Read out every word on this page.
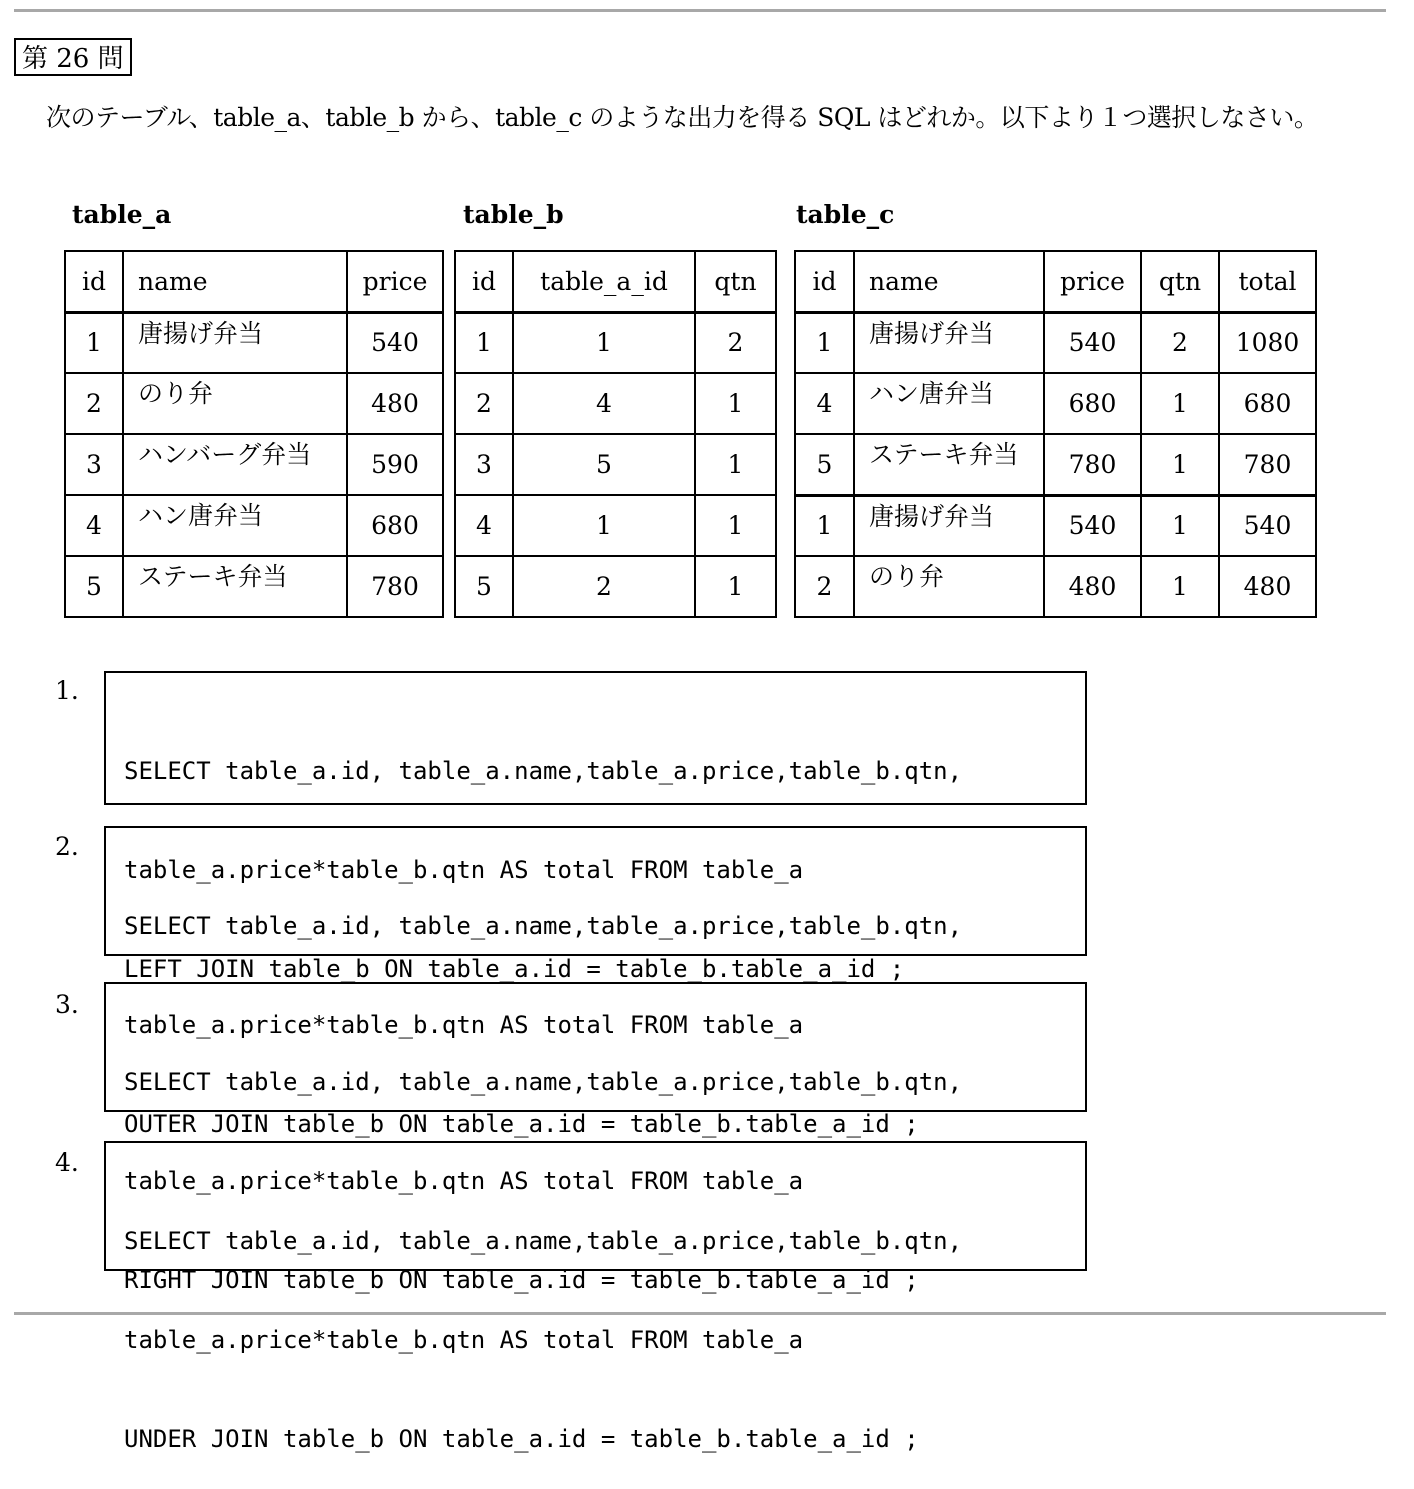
第 26 問
次のテーブル、table_a、table_b から、table_c のような出力を得る SQL はどれか。以下より１つ選択しなさい。
table_a	table_b	table_c
id	name	price
1	唐揚げ弁当	540
2	のり弁	480
3	ハンバーグ弁当	590
4	ハン唐弁当	680
5	ステーキ弁当	780
id	table_a_id	qtn
1	1	2
2	4	1
3	5	1
4	1	1
5	2	1
id	name	price	qtn	total
1	唐揚げ弁当	540	2	1080
4	ハン唐弁当	680	1	680
5	ステーキ弁当	780	1	780
1	唐揚げ弁当	540	1	540
2	のり弁	480	1	480
1.

SELECT table_a.id, table_a.name,table_a.price,table_b.qtn,

table_a.price*table_b.qtn AS total FROM table_a

LEFT JOIN table_b ON table_a.id = table_b.table_a_id ;

2.

SELECT table_a.id, table_a.name,table_a.price,table_b.qtn,

table_a.price*table_b.qtn AS total FROM table_a

OUTER JOIN table_b ON table_a.id = table_b.table_a_id ;

3.

SELECT table_a.id, table_a.name,table_a.price,table_b.qtn,

table_a.price*table_b.qtn AS total FROM table_a

RIGHT JOIN table_b ON table_a.id = table_b.table_a_id ;

4.

SELECT table_a.id, table_a.name,table_a.price,table_b.qtn,

table_a.price*table_b.qtn AS total FROM table_a

UNDER JOIN table_b ON table_a.id = table_b.table_a_id ;
